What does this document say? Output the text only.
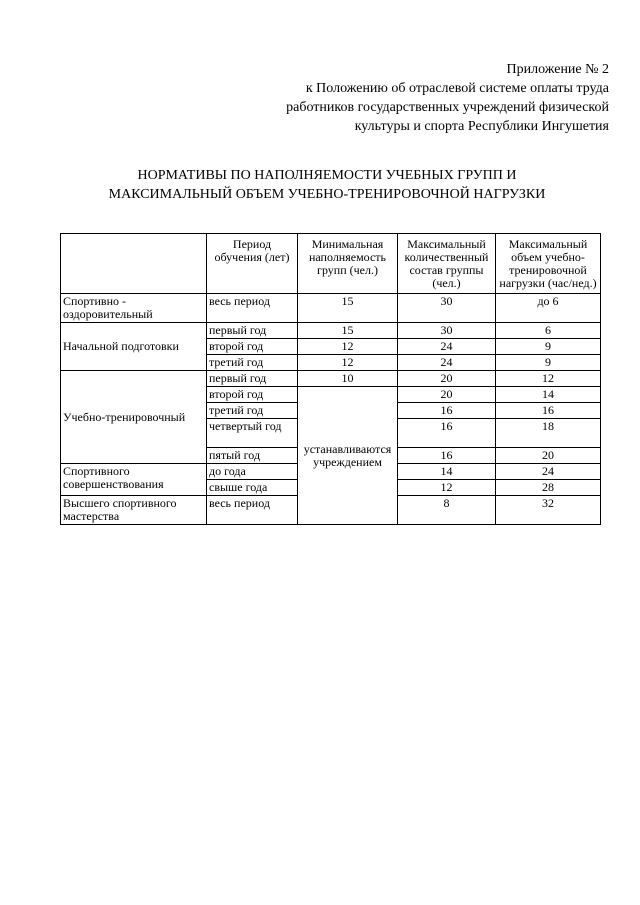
Приложение № 2
к Положению об отраслевой системе оплаты труда
работников государственных учреждений физической
культуры и спорта Республики Ингушетия
НОРМАТИВЫ ПО НАПОЛНЯЕМОСТИ УЧЕБНЫХ ГРУПП И
МАКСИМАЛЬНЫЙ ОБЪЕМ УЧЕБНО-ТРЕНИРОВОЧНОЙ НАГРУЗКИ
	Период обучения (лет)	Минимальная наполняемость групп (чел.)	Максимальный количественный состав группы (чел.)	Максимальный объем учебно-тренировочной нагрузки (час/нед.)
Спортивно - оздоровительный	весь период	15	30	до 6
Начальной подготовки	первый год	15	30	6
	второй год	12	24	9
	третий год	12	24	9
Учебно-тренировочный	первый год	10	20	12
	второй год	устанавливаются учреждением	20	14
	третий год		16	16
	четвертый год		16	18
	пятый год		16	20
Спортивного совершенствования	до года		14	24
	свыше года		12	28
Высшего спортивного мастерства	весь период		8	32
